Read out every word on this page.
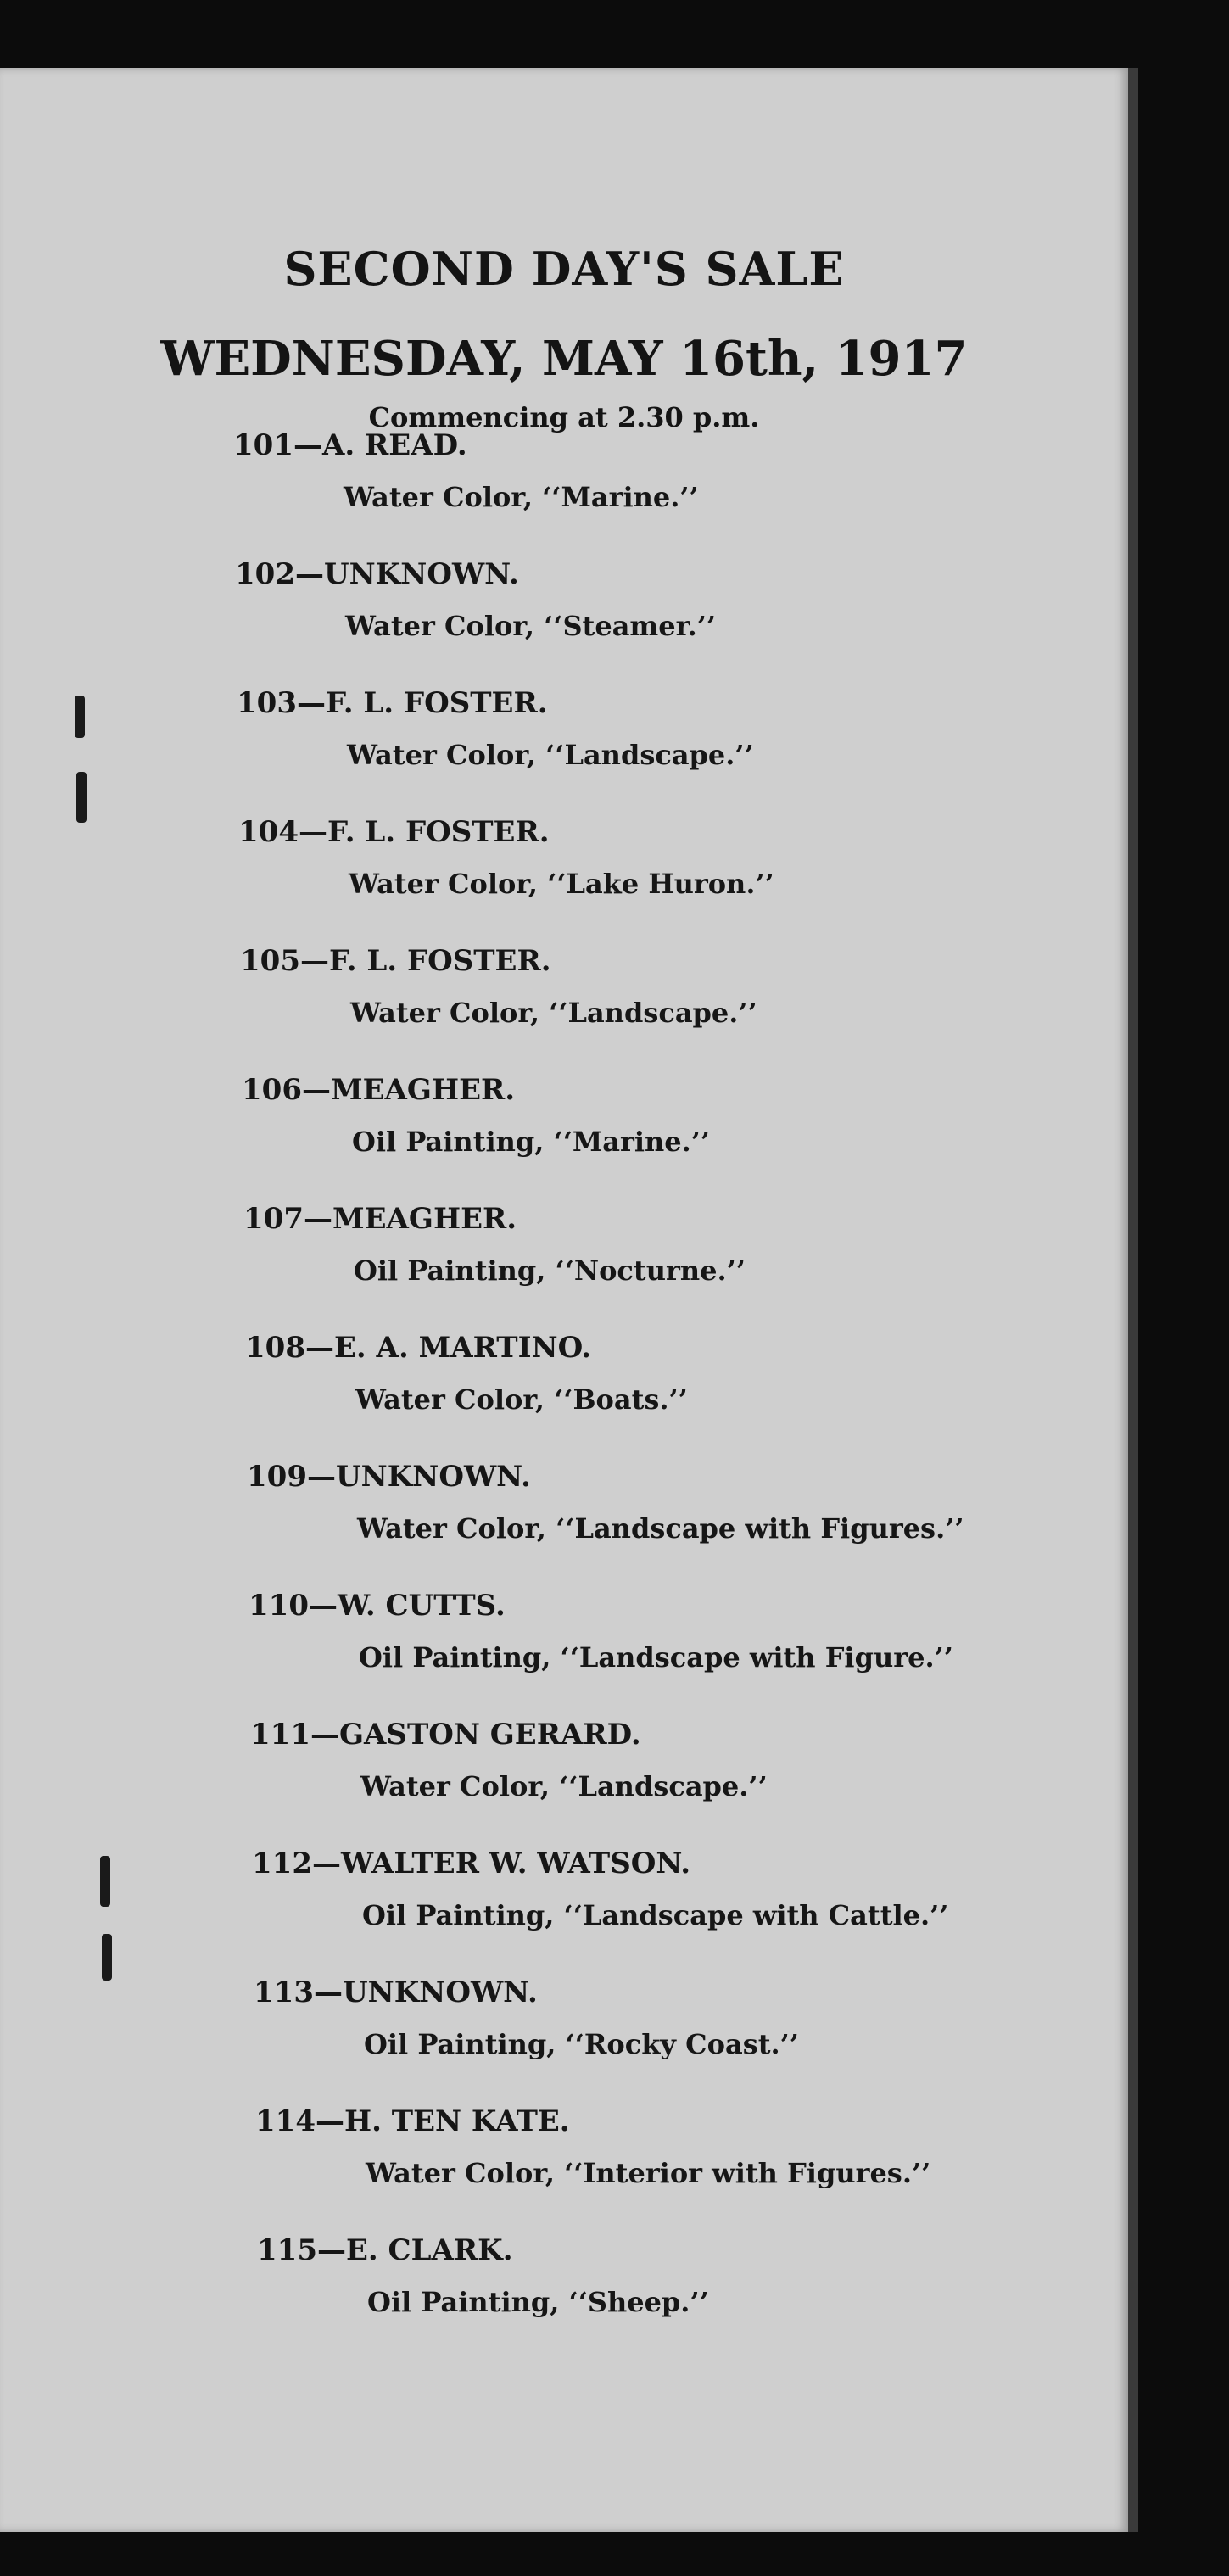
SECOND DAY'S SALE
WEDNESDAY, MAY 16th, 1917
Commencing at 2.30 p.m.
101—A. READ.
Water Color, ‘‘Marine.’’
102—UNKNOWN.
Water Color, ‘‘Steamer.’’
103—F. L. FOSTER.
Water Color, ‘‘Landscape.’’
104—F. L. FOSTER.
Water Color, ‘‘Lake Huron.’’
105—F. L. FOSTER.
Water Color, ‘‘Landscape.’’
106—MEAGHER.
Oil Painting, ‘‘Marine.’’
107—MEAGHER.
Oil Painting, ‘‘Nocturne.’’
108—E. A. MARTINO.
Water Color, ‘‘Boats.’’
109—UNKNOWN.
Water Color, ‘‘Landscape with Figures.’’
110—W. CUTTS.
Oil Painting, ‘‘Landscape with Figure.’’
111—GASTON GERARD.
Water Color, ‘‘Landscape.’’
112—WALTER W. WATSON.
Oil Painting, ‘‘Landscape with Cattle.’’
113—UNKNOWN.
Oil Painting, ‘‘Rocky Coast.’’
114—H. TEN KATE.
Water Color, ‘‘Interior with Figures.’’
115—E. CLARK.
Oil Painting, ‘‘Sheep.’’
